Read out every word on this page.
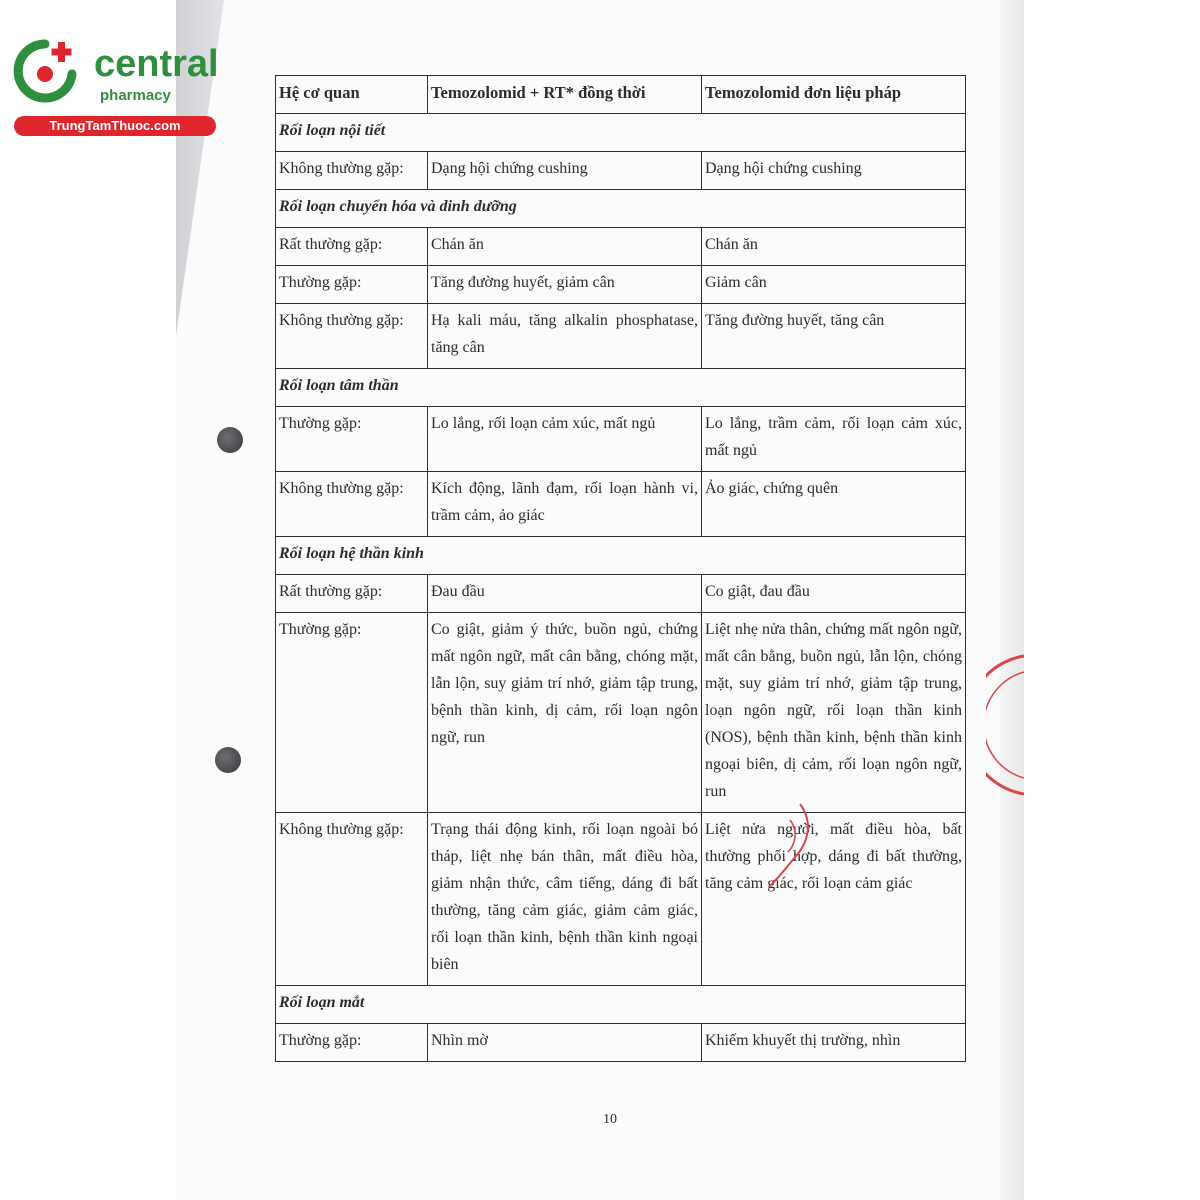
central
pharmacy
TrungTamThuoc.com
Hệ cơ quan	Temozolomid + RT* đồng thời	Temozolomid đơn liệu pháp
Rối loạn nội tiết		
Không thường gặp:	Dạng hội chứng cushing	Dạng hội chứng cushing
Rối loạn chuyển hóa và dinh dưỡng		
Rất thường gặp:	Chán ăn	Chán ăn
Thường gặp:	Tăng đường huyết, giảm cân	Giảm cân
Không thường gặp:	Hạ kali máu, tăng alkalin phosphatase, tăng cân	Tăng đường huyết, tăng cân
Rối loạn tâm thần		
Thường gặp:	Lo lắng, rối loạn cảm xúc, mất ngủ	Lo lắng, trầm cảm, rối loạn cảm xúc, mất ngủ
Không thường gặp:	Kích động, lãnh đạm, rối loạn hành vi, trầm cảm, ảo giác	Ảo giác, chứng quên
Rối loạn hệ thần kinh		
Rất thường gặp:	Đau đầu	Co giật, đau đầu
Thường gặp:	Co giật, giảm ý thức, buồn ngủ, chứng mất ngôn ngữ, mất cân bằng, chóng mặt, lẫn lộn, suy giảm trí nhớ, giảm tập trung, bệnh thần kinh, dị cảm, rối loạn ngôn ngữ, run	Liệt nhẹ nửa thân, chứng mất ngôn ngữ, mất cân bằng, buồn ngủ, lẫn lộn, chóng mặt, suy giảm trí nhớ, giảm tập trung, loạn ngôn ngữ, rối loạn thần kinh (NOS), bệnh thần kinh, bệnh thần kinh ngoại biên, dị cảm, rối loạn ngôn ngữ, run
Không thường gặp:	Trạng thái động kinh, rối loạn ngoài bó tháp, liệt nhẹ bán thân, mất điều hòa, giảm nhận thức, câm tiếng, dáng đi bất thường, tăng cảm giác, giảm cảm giác, rối loạn thần kinh, bệnh thần kinh ngoại biên	Liệt nửa người, mất điều hòa, bất thường phối hợp, dáng đi bất thường, tăng cảm giác, rối loạn cảm giác
Rối loạn mắt		
Thường gặp:	Nhìn mờ	Khiếm khuyết thị trường, nhìn
10
